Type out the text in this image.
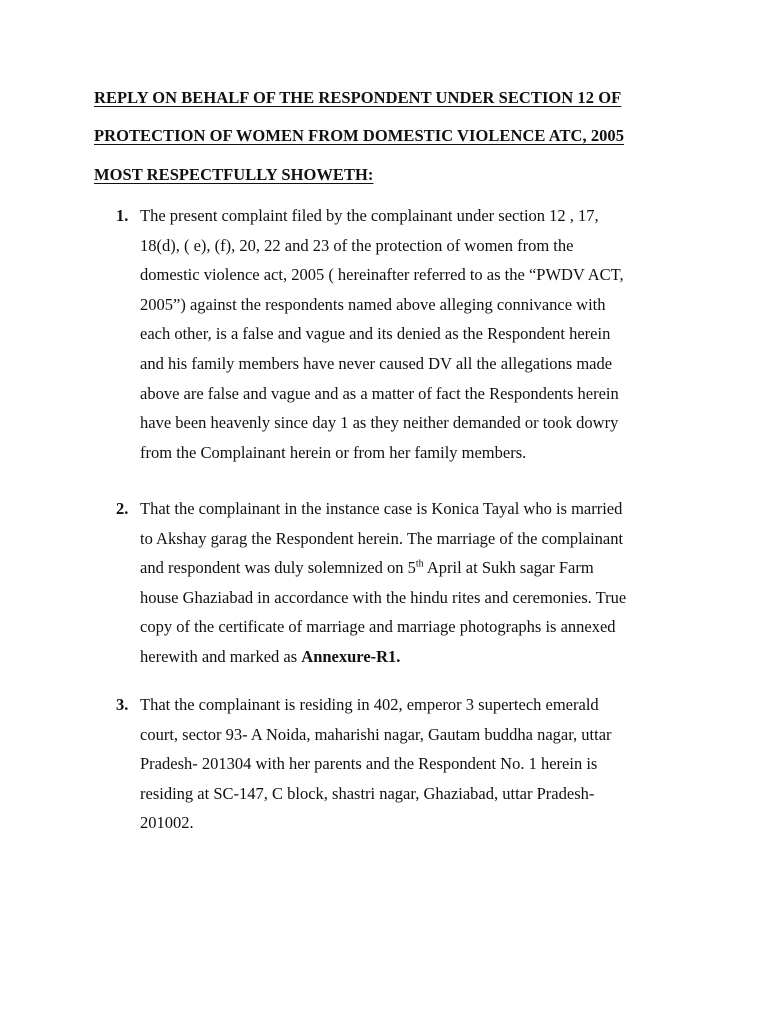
REPLY ON BEHALF OF THE RESPONDENT UNDER SECTION 12 OF
PROTECTION OF WOMEN FROM DOMESTIC VIOLENCE ATC, 2005
MOST RESPECTFULLY SHOWETH:
1. The present complaint filed by the complainant under section 12 , 17,
18(d), ( e), (f), 20, 22 and 23 of the protection of women from the
domestic violence act, 2005 ( hereinafter referred to as the “PWDV ACT,
2005”) against the respondents named above alleging connivance with
each other, is a false and vague and its denied as the Respondent herein
and his family members have never caused DV all the allegations made
above are false and vague and as a matter of fact the Respondents herein
have been heavenly since day 1 as they neither demanded or took dowry
from the Complainant herein or from her family members.
2. That the complainant in the instance case is Konica Tayal who is married
to Akshay garag the Respondent herein. The marriage of the complainant
and respondent was duly solemnized on 5th April at Sukh sagar Farm
house Ghaziabad in accordance with the hindu rites and ceremonies. True
copy of the certificate of marriage and marriage photographs is annexed
herewith and marked as Annexure-R1.
3. That the complainant is residing in 402, emperor 3 supertech emerald
court, sector 93- A Noida, maharishi nagar, Gautam buddha nagar, uttar
Pradesh- 201304 with her parents and the Respondent No. 1 herein is
residing at SC-147, C block, shastri nagar, Ghaziabad, uttar Pradesh-
201002.
